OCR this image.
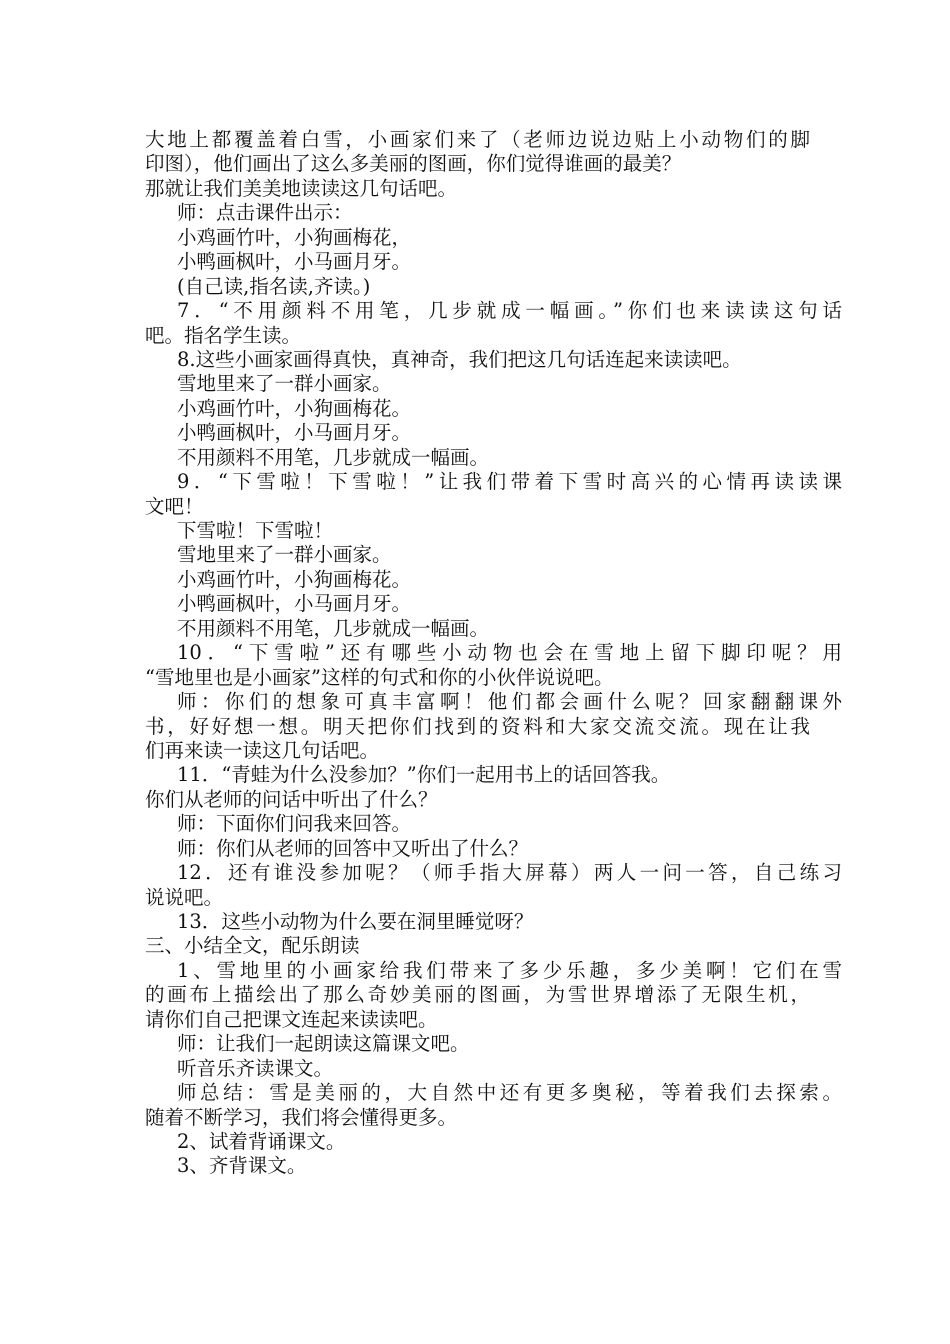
大地上都覆盖着白雪，小画家们来了（老师边说边贴上小动物们的脚
印图），他们画出了这么多美丽的图画，你们觉得谁画的最美？
那就让我们美美地读读这几句话吧。
师：点击课件出示：
小鸡画竹叶，小狗画梅花，
小鸭画枫叶，小马画月牙。
(自己读,指名读,齐读。)
7．“不用颜料不用笔，几步就成一幅画。”你们也来读读这句话
吧。指名学生读。
8.这些小画家画得真快，真神奇，我们把这几句话连起来读读吧。
雪地里来了一群小画家。
小鸡画竹叶，小狗画梅花。
小鸭画枫叶，小马画月牙。
不用颜料不用笔，几步就成一幅画。
9．“下雪啦！下雪啦！”让我们带着下雪时高兴的心情再读读课
文吧！
下雪啦！下雪啦！
雪地里来了一群小画家。
小鸡画竹叶，小狗画梅花。
小鸭画枫叶，小马画月牙。
不用颜料不用笔，几步就成一幅画。
10．“下雪啦”还有哪些小动物也会在雪地上留下脚印呢？用
“雪地里也是小画家”这样的句式和你的小伙伴说说吧。
师：你们的想象可真丰富啊！他们都会画什么呢？回家翻翻课外
书，好好想一想。明天把你们找到的资料和大家交流交流。现在让我
们再来读一读这几句话吧。
11．“青蛙为什么没参加？”你们一起用书上的话回答我。
你们从老师的问话中听出了什么？
师：下面你们问我来回答。
师：你们从老师的回答中又听出了什么？
12．还有谁没参加呢？（师手指大屏幕）两人一问一答，自己练习
说说吧。
13．这些小动物为什么要在洞里睡觉呀？
三、小结全文，配乐朗读
1、雪地里的小画家给我们带来了多少乐趣，多少美啊！它们在雪
的画布上描绘出了那么奇妙美丽的图画，为雪世界增添了无限生机，
请你们自己把课文连起来读读吧。
师：让我们一起朗读这篇课文吧。
听音乐齐读课文。
师总结：雪是美丽的，大自然中还有更多奥秘，等着我们去探索。
随着不断学习，我们将会懂得更多。
2、试着背诵课文。
3、齐背课文。
